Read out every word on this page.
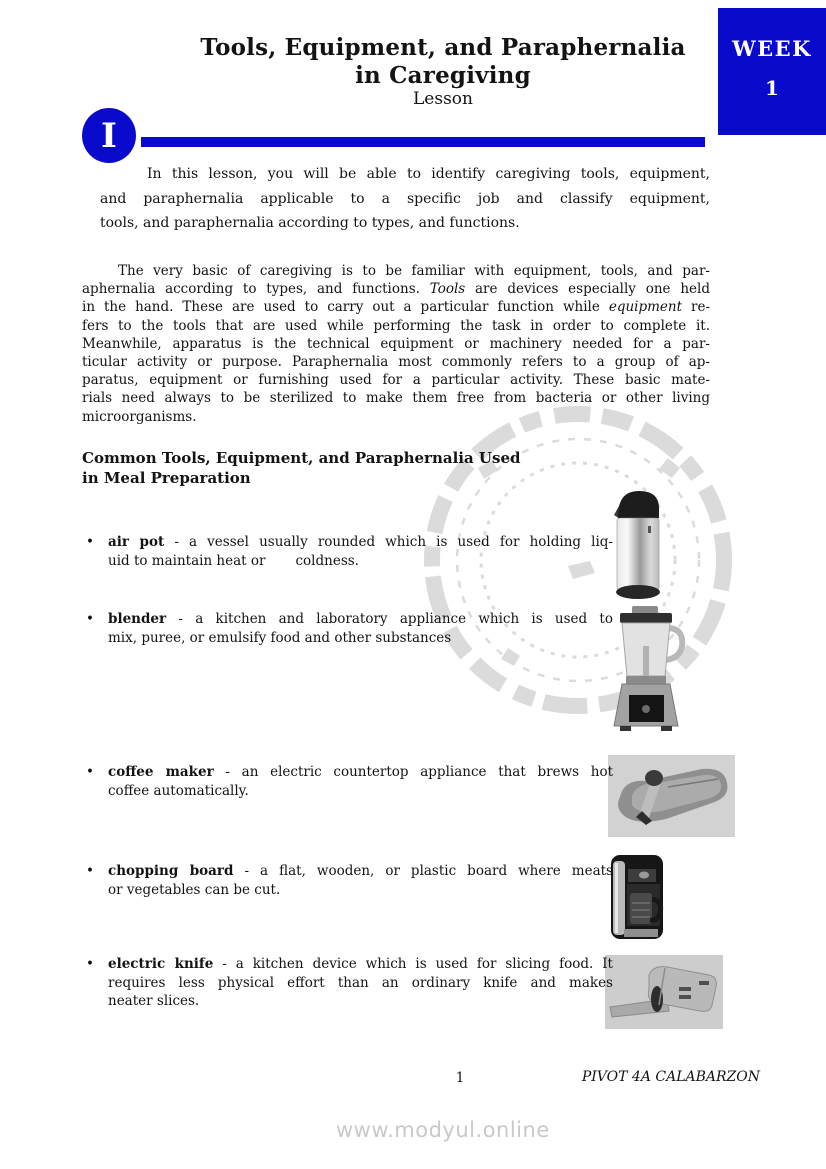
Tools, Equipment, and Paraphernalia
in Caregiving
Lesson
WEEK
1
I
In this lesson, you will be able to identify caregiving tools, equipment,
and paraphernalia applicable to a specific job and classify equipment,
tools, and paraphernalia according to types, and functions.
The very basic of caregiving is to be familiar with equipment, tools, and par-
aphernalia according to types, and functions. Tools are devices especially one held
in the hand. These are used to carry out a particular function while equipment re-
fers to the tools that are used while performing the task in order to complete it.
Meanwhile, apparatus is the technical equipment or machinery needed for a par-
ticular activity or purpose. Paraphernalia most commonly refers to a group of ap-
paratus, equipment or furnishing used for a particular activity. These basic mate-
rials need always to be sterilized to make them free from bacteria or other living
microorganisms.
Common Tools, Equipment, and Paraphernalia Used
in Meal Preparation
•	air pot - a vessel usually rounded which is used for holding liq-
uid to maintain heat or       coldness.
•	blender - a kitchen and laboratory appliance which is used to
mix, puree, or emulsify food and other substances
•	coffee maker - an electric countertop appliance that brews hot
coffee automatically.
•	chopping board - a flat, wooden, or plastic board where meats
or vegetables can be cut.
•	electric knife - a kitchen device which is used for slicing food. It
requires less physical effort than an ordinary knife and makes
neater slices.
1	PIVOT 4A CALABARZON
www.modyul.online
